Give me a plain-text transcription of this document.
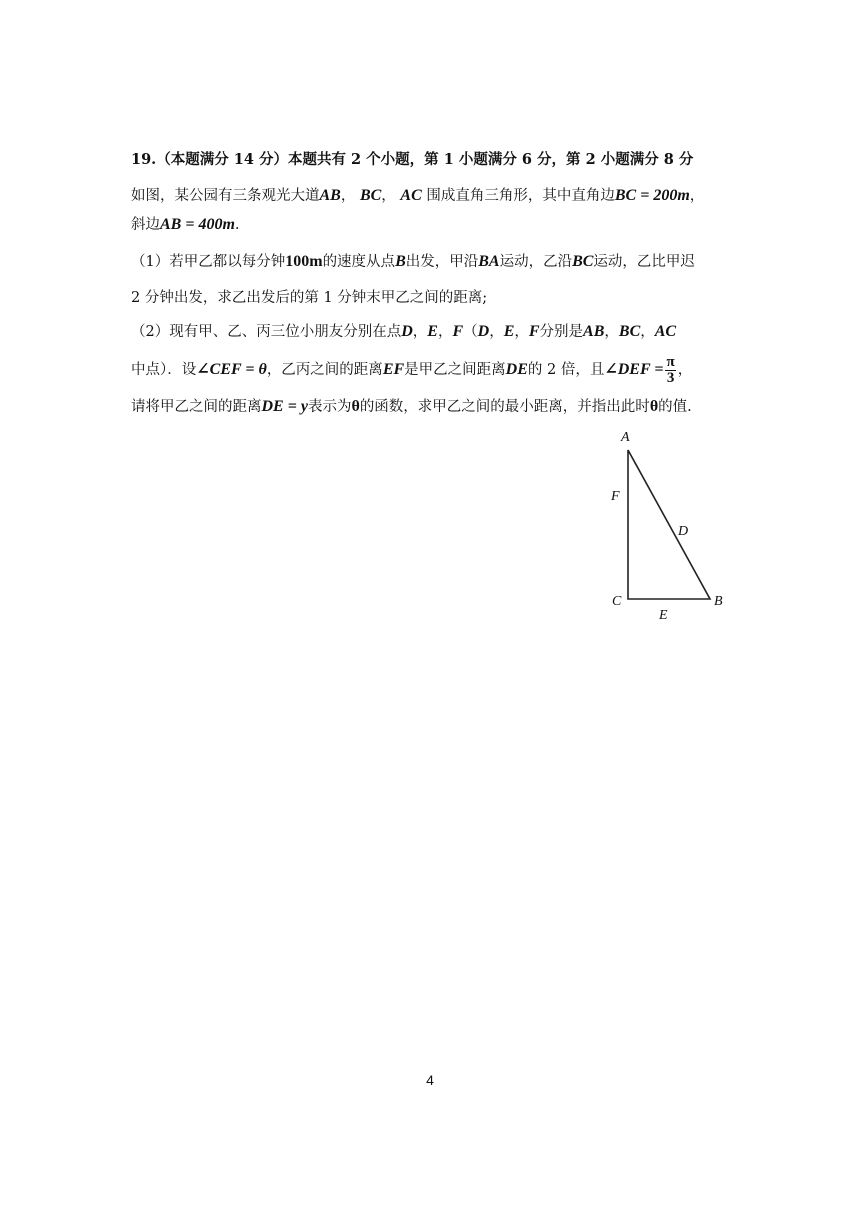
19.（本题满分 14 分）本题共有 2 个小题，第 1 小题满分 6 分，第 2 小题满分 8 分
如图，某公园有三条观光大道AB， BC， AC 围成直角三角形，其中直角边BC = 200m，
斜边AB = 400m.
（1）若甲乙都以每分钟100m的速度从点B出发，甲沿BA运动，乙沿BC运动，乙比甲迟
2 分钟出发，求乙出发后的第 1 分钟末甲乙之间的距离;
（2）现有甲、乙、丙三位小朋友分别在点D，E，F（D，E，F分别是AB，BC，AC
中点）．设∠CEF = θ，乙丙之间的距离EF是甲乙之间距离DE的 2 倍，且∠DEF = $\frac{\pi}{3}$ ，
请将甲乙之间的距离DE = y表示为θ的函数，求甲乙之间的最小距离，并指出此时θ的值.
A
B
C
D
E
F
4
